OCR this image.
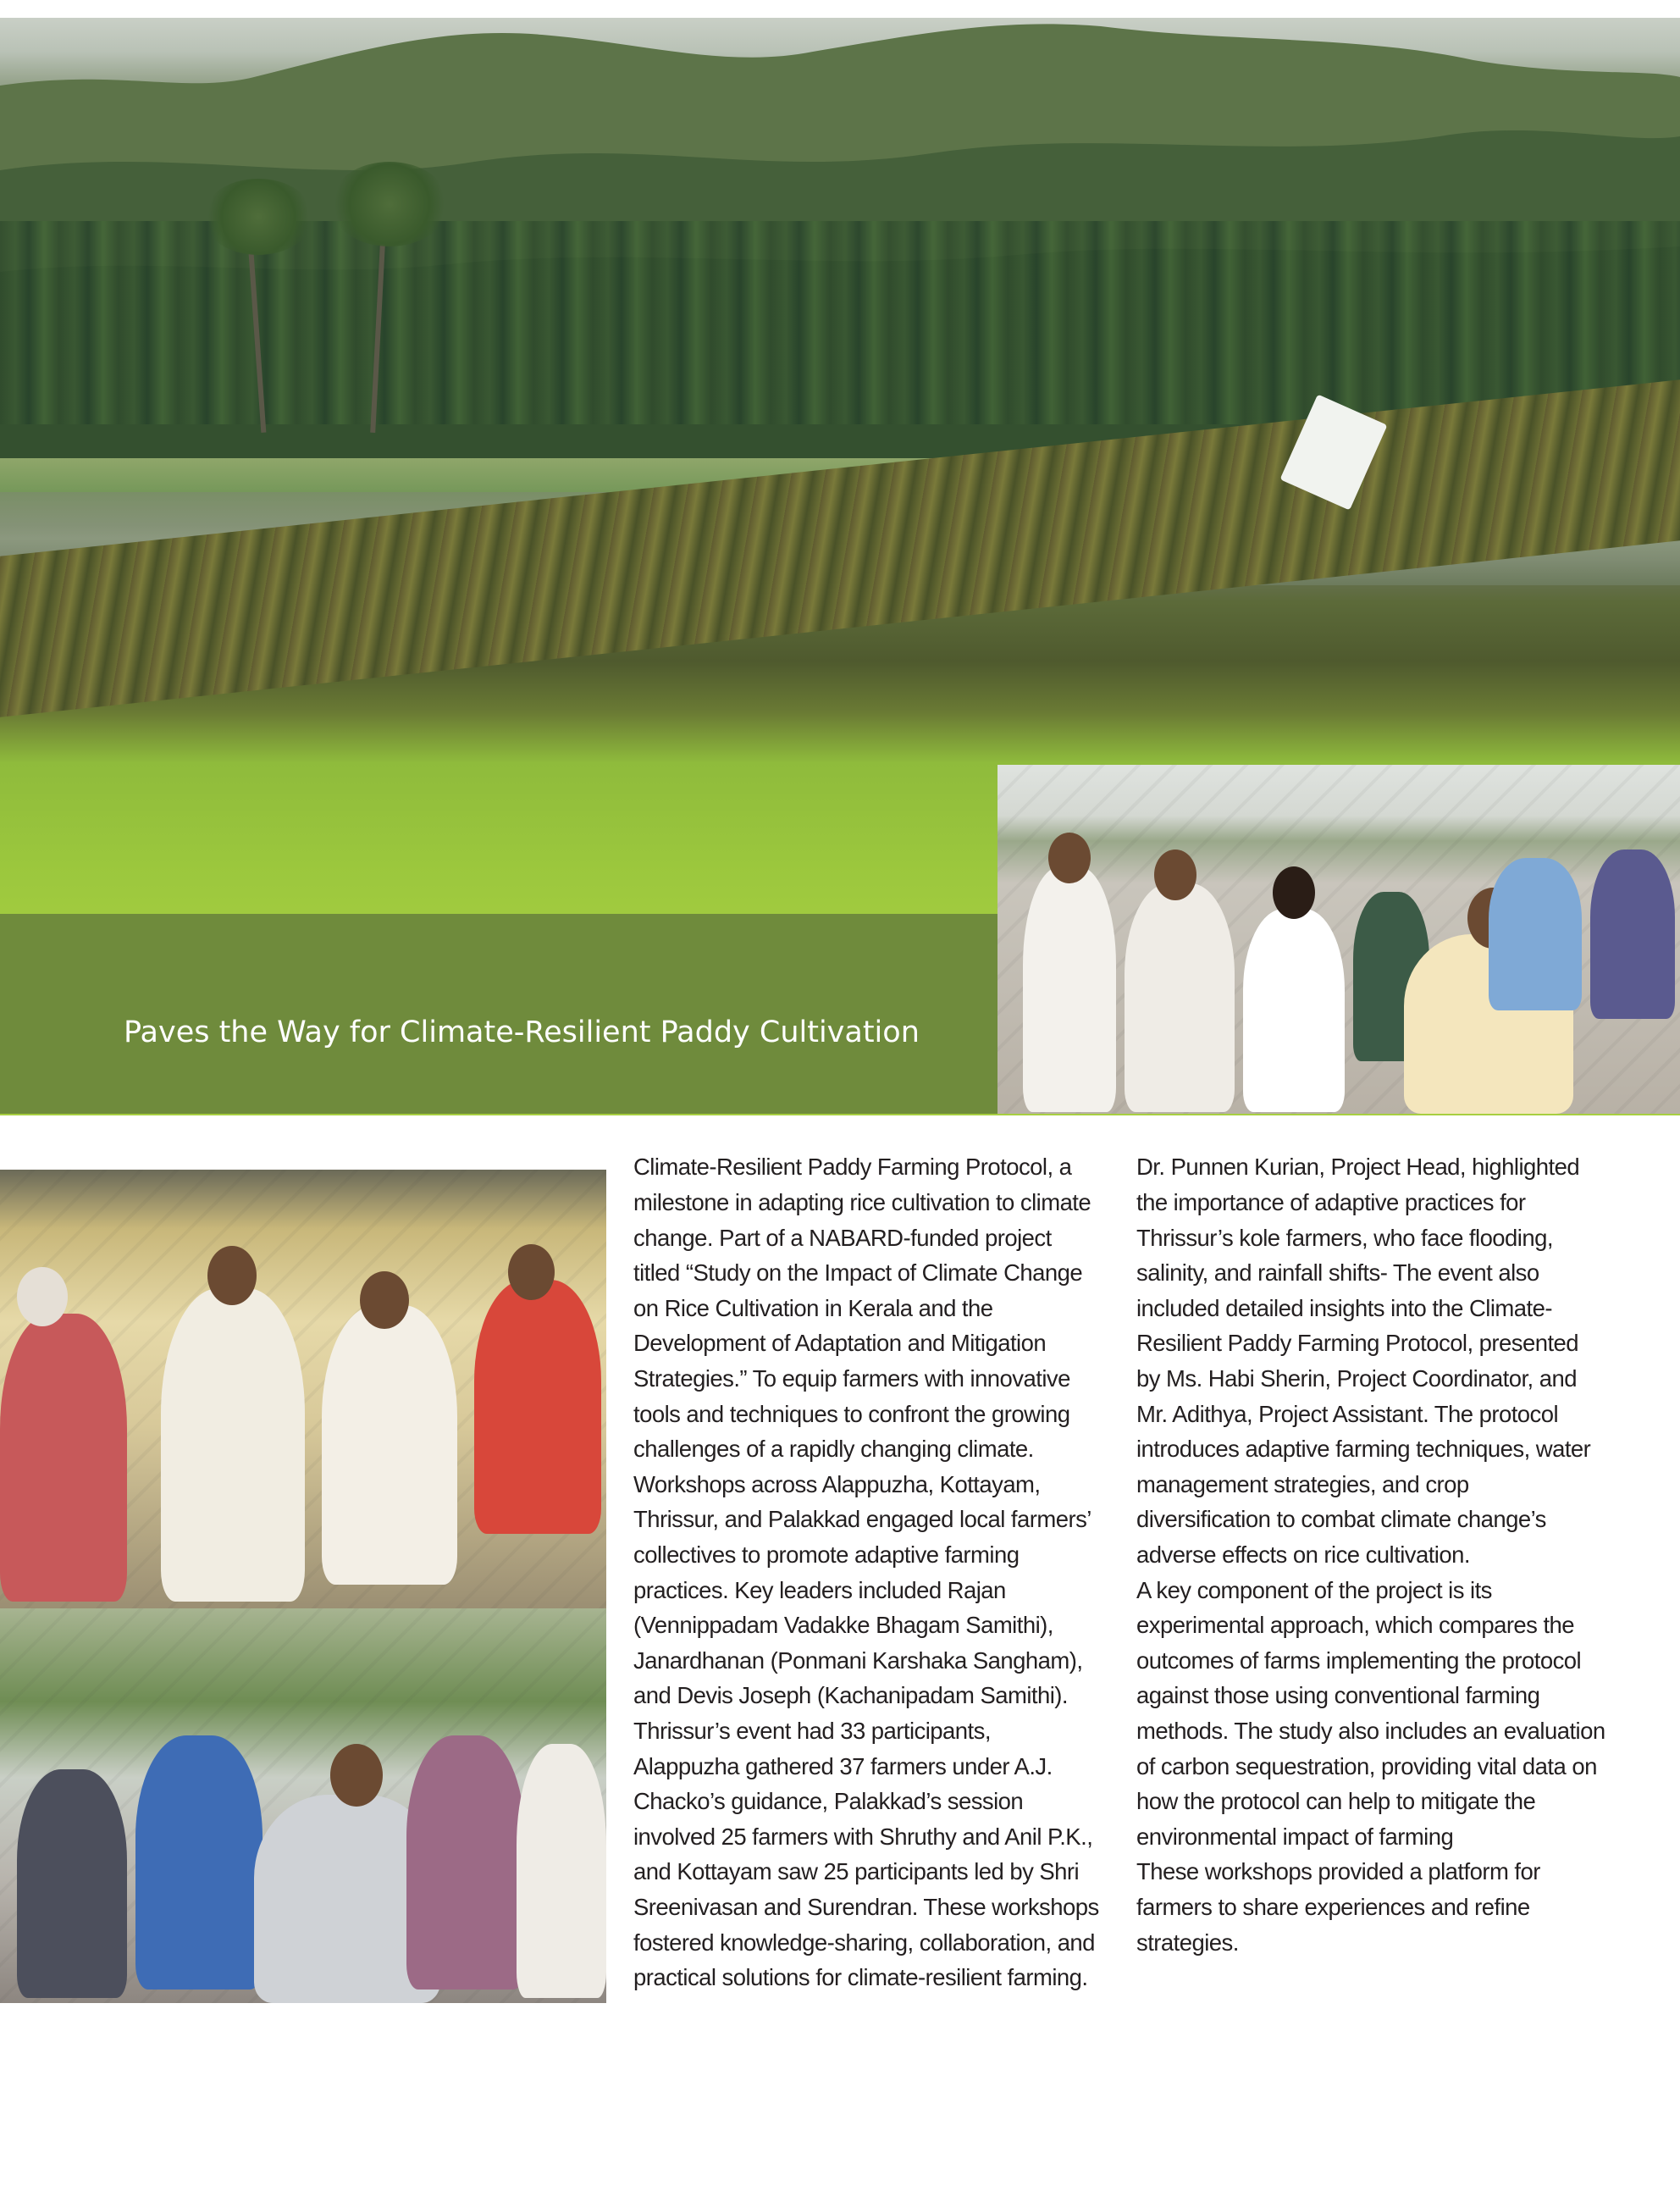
Paves the Way for Climate-Resilient Paddy Cultivation

Climate-Resilient Paddy Farming Protocol, a milestone in adapting rice cultivation to climate change. Part of a NABARD-funded project titled “Study on the Impact of Climate Change on Rice Cultivation in Kerala and the Development of Adaptation and Mitigation Strategies.” To equip farmers with innovative tools and techniques to confront the growing challenges of a rapidly changing climate. Workshops across Alappuzha, Kottayam, Thrissur, and Palakkad engaged local farmers’ collectives to promote adaptive farming practices. Key leaders included Rajan (Vennippadam Vadakke Bhagam Samithi), Janardhanan (Ponmani Karshaka Sangham), and Devis Joseph (Kachanipadam Samithi). Thrissur’s event had 33 participants, Alappuzha gathered 37 farmers under A.J. Chacko’s guidance, Palakkad’s session involved 25 farmers with Shruthy and Anil P.K., and Kottayam saw 25 participants led by Shri Sreenivasan and Surendran. These workshops fostered knowledge-sharing, collaboration, and practical solutions for climate-resilient farming.

Dr. Punnen Kurian, Project Head, highlighted the importance of adaptive practices for Thrissur’s kole farmers, who face flooding, salinity, and rainfall shifts- The event also included detailed insights into the Climate-Resilient Paddy Farming Protocol, presented by Ms. Habi Sherin, Project Coordinator, and Mr. Adithya, Project Assistant. The protocol introduces adaptive farming techniques, water management strategies, and crop diversification to combat climate change’s adverse effects on rice cultivation.

A key component of the project is its experimental approach, which compares the outcomes of farms implementing the protocol against those using conventional farming methods. The study also includes an evaluation of carbon sequestration, providing vital data on how the protocol can help to mitigate the environmental impact of farming

These workshops provided a platform for farmers to share experiences and refine strategies.
